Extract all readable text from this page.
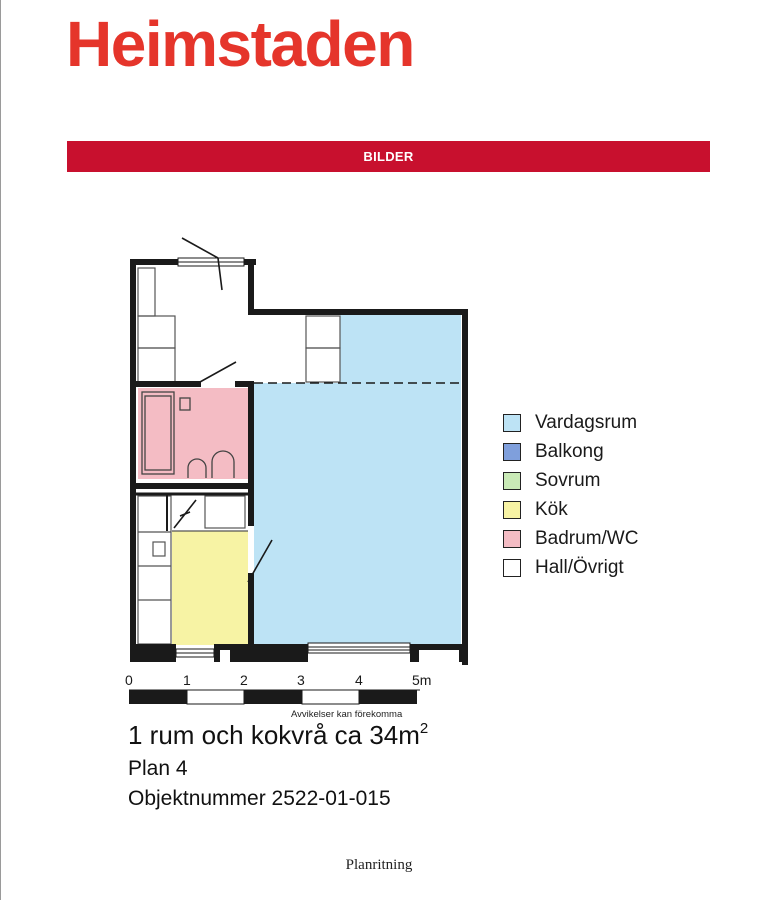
Heimstaden
BILDER
0	1	2	3	4	5m
Avvikelser kan förekomma
Vardagsrum
Balkong
Sovrum
Kök
Badrum/WC
Hall/Övrigt
1 rum och kokvrå ca $34m^2$
Plan 4
Objektnummer 2522-01-015
Planritning
